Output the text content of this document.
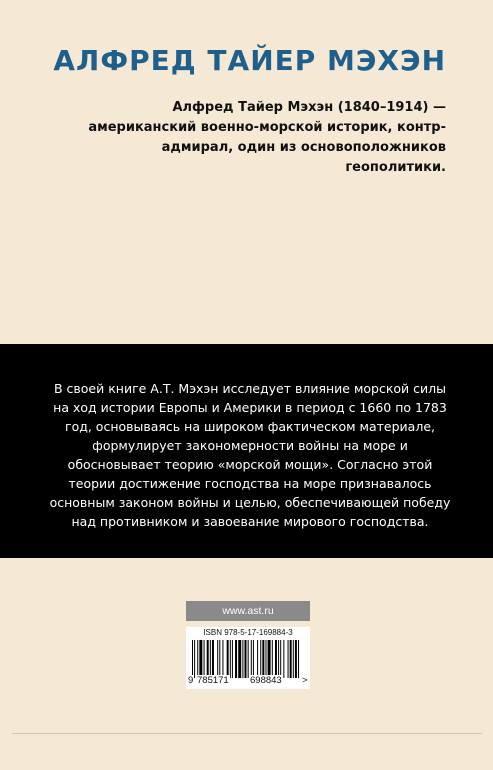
АЛФРЕД ТАЙЕР МЭХЭН
Алфред Тайер Мэхэн (1840–1914) — американский военно-морской историк, контр-адмирал, один из основоположников геополитики.
В своей книге А.Т. Мэхэн исследует влияние морской силы на ход истории Европы и Америки в период с 1660 по 1783 год, основываясь на широком фактическом материале, формулирует закономерности войны на море и обосновывает теорию «морской мощи». Согласно этой теории достижение господства на море признавалось основным законом войны и целью, обеспечивающей победу над противником и завоевание мирового господства.
www.ast.ru
ISBN 978-5-17-169884-3
9 785171 698843 >
